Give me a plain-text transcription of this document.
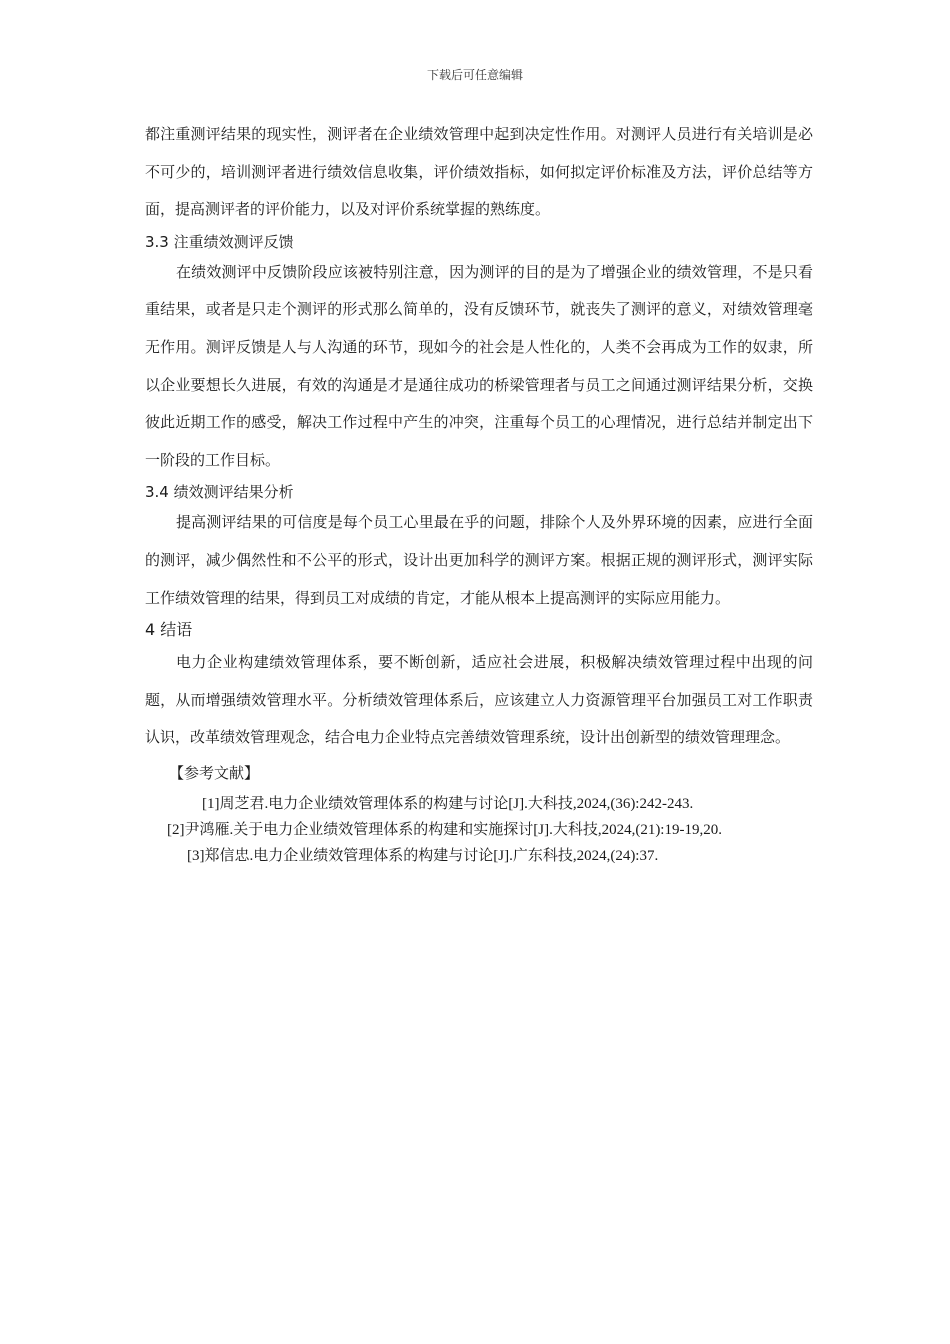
下载后可任意编辑

都注重测评结果的现实性，测评者在企业绩效管理中起到决定性作用。对测评人员进行有关培训是必不可少的，培训测评者进行绩效信息收集，评价绩效指标，如何拟定评价标准及方法，评价总结等方面，提高测评者的评价能力，以及对评价系统掌握的熟练度。

3.3 注重绩效测评反馈

在绩效测评中反馈阶段应该被特别注意，因为测评的目的是为了增强企业的绩效管理，不是只看重结果，或者是只走个测评的形式那么简单的，没有反馈环节，就丧失了测评的意义，对绩效管理毫无作用。测评反馈是人与人沟通的环节，现如今的社会是人性化的，人类不会再成为工作的奴隶，所以企业要想长久进展，有效的沟通是才是通往成功的桥梁管理者与员工之间通过测评结果分析，交换彼此近期工作的感受，解决工作过程中产生的冲突，注重每个员工的心理情况，进行总结并制定出下一阶段的工作目标。

3.4 绩效测评结果分析

提高测评结果的可信度是每个员工心里最在乎的问题，排除个人及外界环境的因素，应进行全面的测评，减少偶然性和不公平的形式，设计出更加科学的测评方案。根据正规的测评形式，测评实际工作绩效管理的结果，得到员工对成绩的肯定，才能从根本上提高测评的实际应用能力。

4 结语

电力企业构建绩效管理体系，要不断创新，适应社会进展，积极解决绩效管理过程中出现的问题，从而增强绩效管理水平。分析绩效管理体系后，应该建立人力资源管理平台加强员工对工作职责认识，改革绩效管理观念，结合电力企业特点完善绩效管理系统，设计出创新型的绩效管理理念。

【参考文献】

[1]周芝君.电力企业绩效管理体系的构建与讨论[J].大科技,2024,(36):242-243.

[2]尹鸿雁.关于电力企业绩效管理体系的构建和实施探讨[J].大科技,2024,(21):19-19,20.

[3]郑信忠.电力企业绩效管理体系的构建与讨论[J].广东科技,2024,(24):37.
